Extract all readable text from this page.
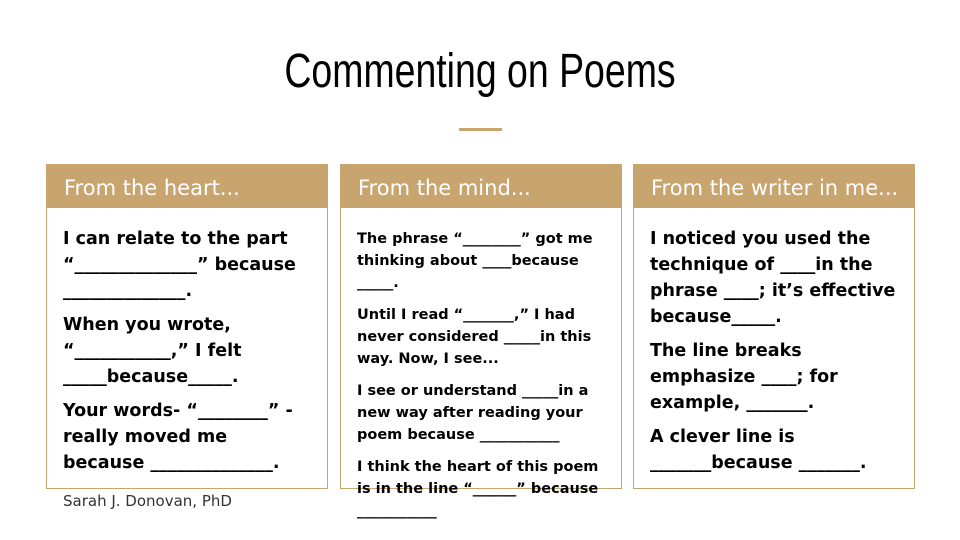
Commenting on Poems
From the heart...

I can relate to the part “______________” because ______________.

When you wrote, “___________,” I felt _____because_____.

Your words- “________” - really moved me because ______________.

From the mind...

The phrase “________” got me thinking about ____because _____.

Until I read “_______,” I had never considered _____in this way. Now, I see...

I see or understand _____in a new way after reading your poem because ___________

I think the heart of this poem is in the line “______” because ___________

From the writer in me...

I noticed you used the technique of ____in the phrase ____; it’s effective because_____.

The line breaks emphasize ____; for example, _______.

A clever line is _______because _______.

Sarah J. Donovan, PhD
